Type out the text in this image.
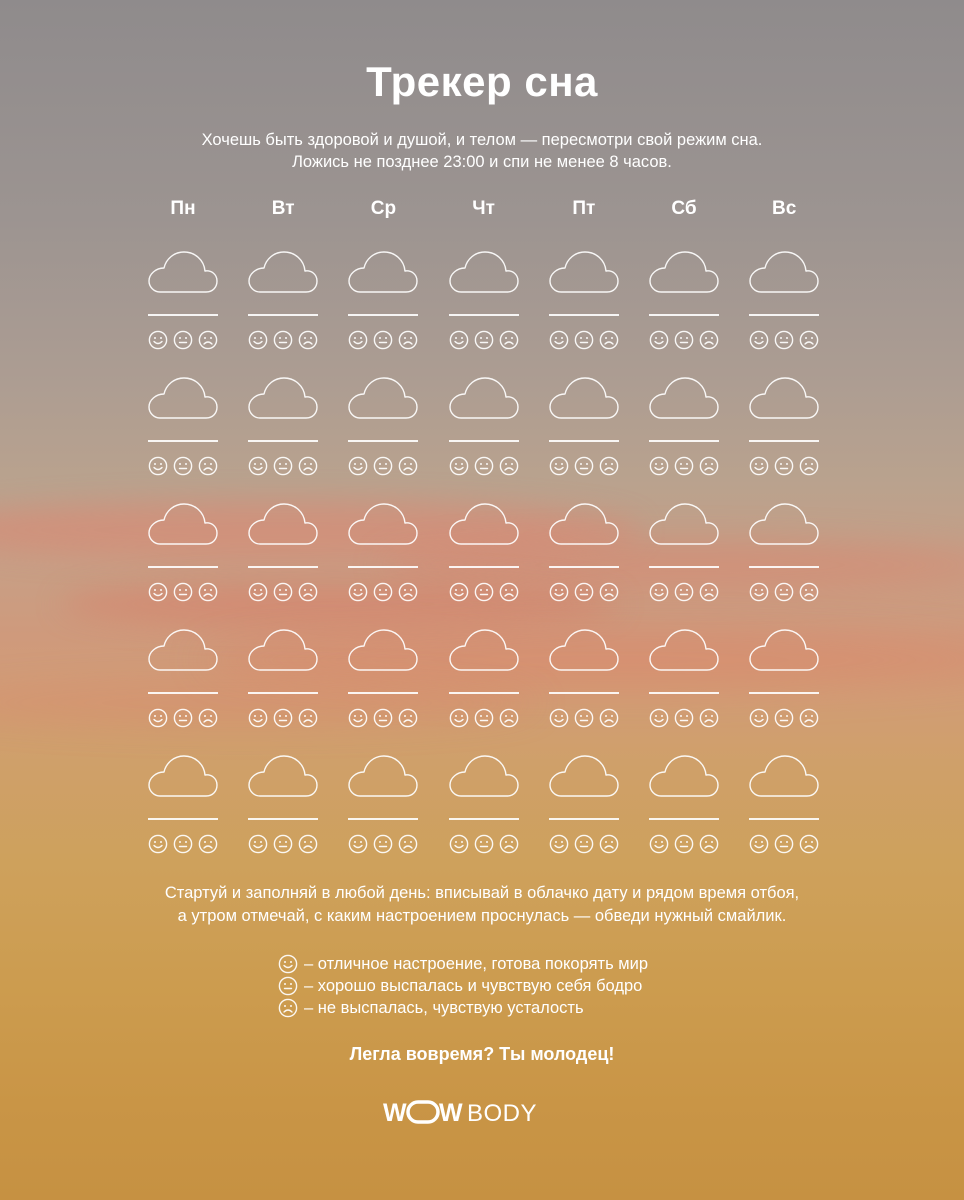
Трекер сна
Хочешь быть здоровой и душой, и телом — пересмотри свой режим сна.
Ложись не позднее 23:00 и спи не менее 8 часов.
Пн	Вт	Ср	Чт	Пт	Сб	Вс
Стартуй и заполняй в любой день: вписывай в облачко дату и рядом время отбоя,
а утром отмечай, с каким настроением проснулась — обведи нужный смайлик.
– отличное настроение, готова покорять мир
– хорошо выспалась и чувствую себя бодро
– не выспалась, чувствую усталость
Легла вовремя? Ты молодец!
W W BODY
